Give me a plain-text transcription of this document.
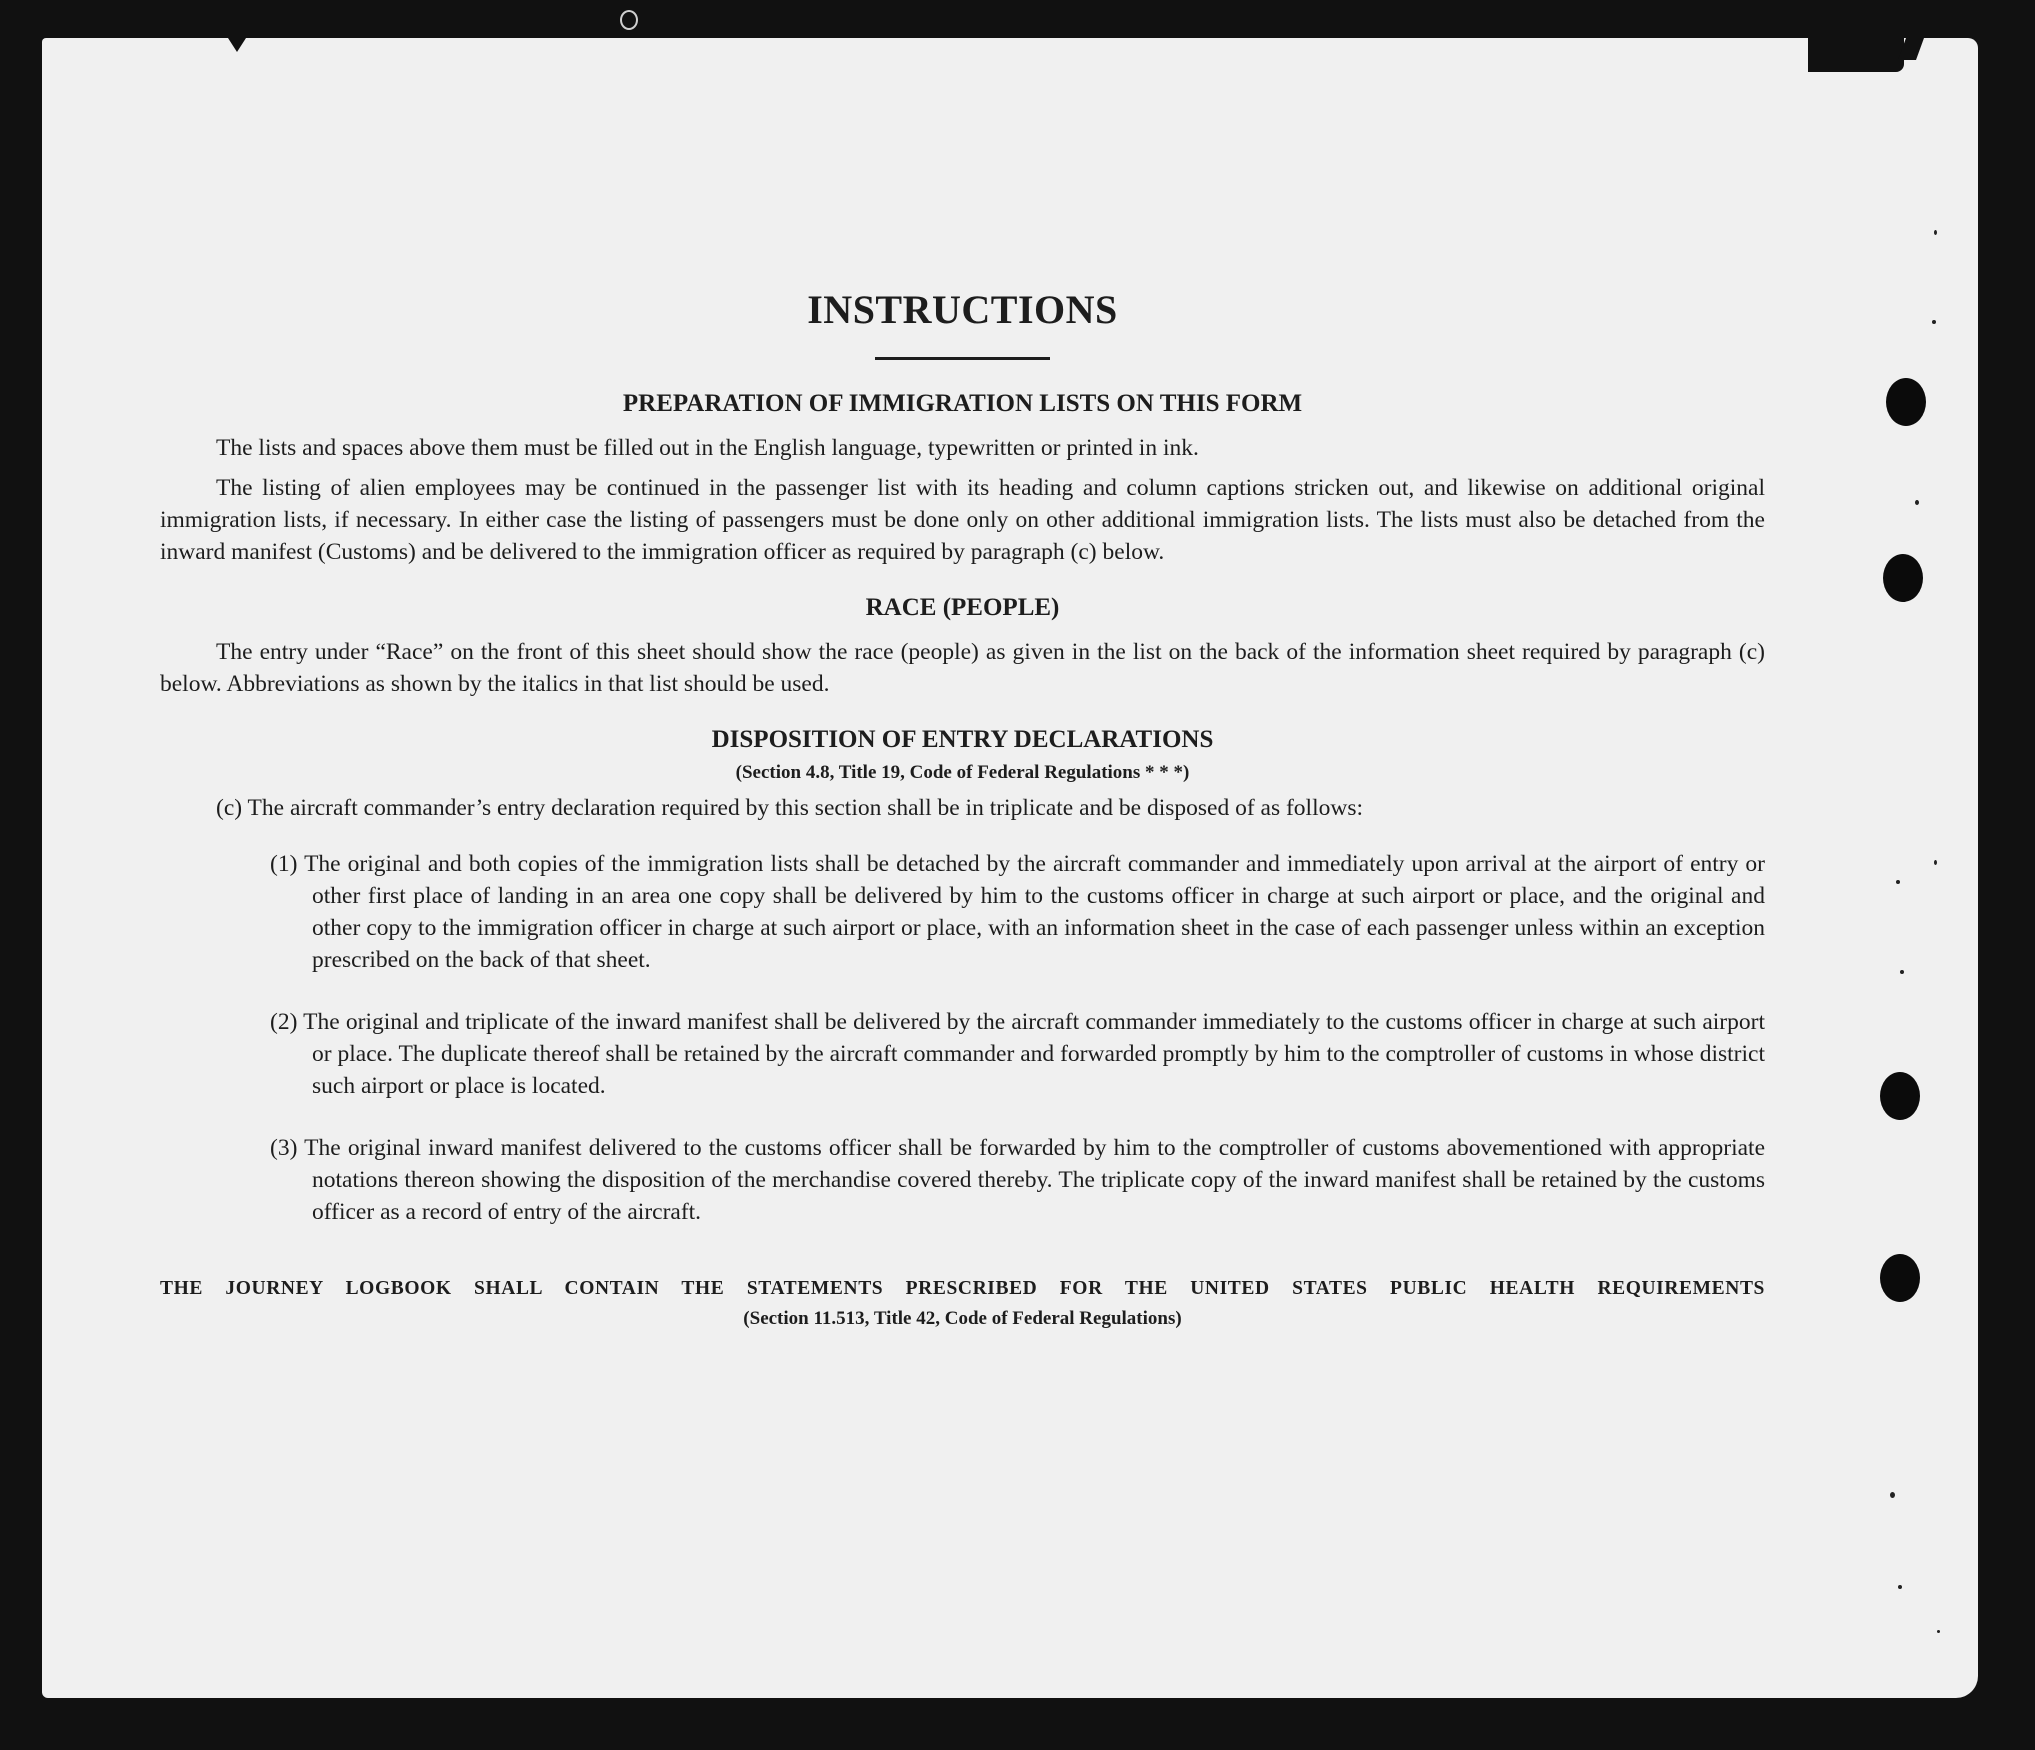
INSTRUCTIONS
PREPARATION OF IMMIGRATION LISTS ON THIS FORM

The lists and spaces above them must be filled out in the English language, typewritten or printed in ink.

The listing of alien employees may be continued in the passenger list with its heading and column captions stricken out, and likewise on additional original immigration lists, if necessary. In either case the listing of passengers must be done only on other additional immigration lists. The lists must also be detached from the inward manifest (Customs) and be delivered to the immigration officer as required by paragraph (c) below.

RACE (PEOPLE)

The entry under “Race” on the front of this sheet should show the race (people) as given in the list on the back of the information sheet required by paragraph (c) below. Abbreviations as shown by the italics in that list should be used.

DISPOSITION OF ENTRY DECLARATIONS

(Section 4.8, Title 19, Code of Federal Regulations * * *)

(c) The aircraft commander’s entry declaration required by this section shall be in triplicate and be disposed of as follows:

(1) The original and both copies of the immigration lists shall be detached by the aircraft commander and immediately upon arrival at the airport of entry or other first place of landing in an area one copy shall be delivered by him to the customs officer in charge at such airport or place, and the original and other copy to the immigration officer in charge at such airport or place, with an information sheet in the case of each passenger unless within an exception prescribed on the back of that sheet.

(2) The original and triplicate of the inward manifest shall be delivered by the aircraft commander immediately to the customs officer in charge at such airport or place. The duplicate thereof shall be retained by the aircraft commander and forwarded promptly by him to the comptroller of customs in whose district such airport or place is located.

(3) The original inward manifest delivered to the customs officer shall be forwarded by him to the comptroller of customs abovementioned with appropriate notations thereon showing the disposition of the merchandise covered thereby. The triplicate copy of the inward manifest shall be retained by the customs officer as a record of entry of the aircraft.

THE JOURNEY LOGBOOK SHALL CONTAIN THE STATEMENTS PRESCRIBED FOR THE UNITED STATES PUBLIC HEALTH REQUIREMENTS

(Section 11.513, Title 42, Code of Federal Regulations)
